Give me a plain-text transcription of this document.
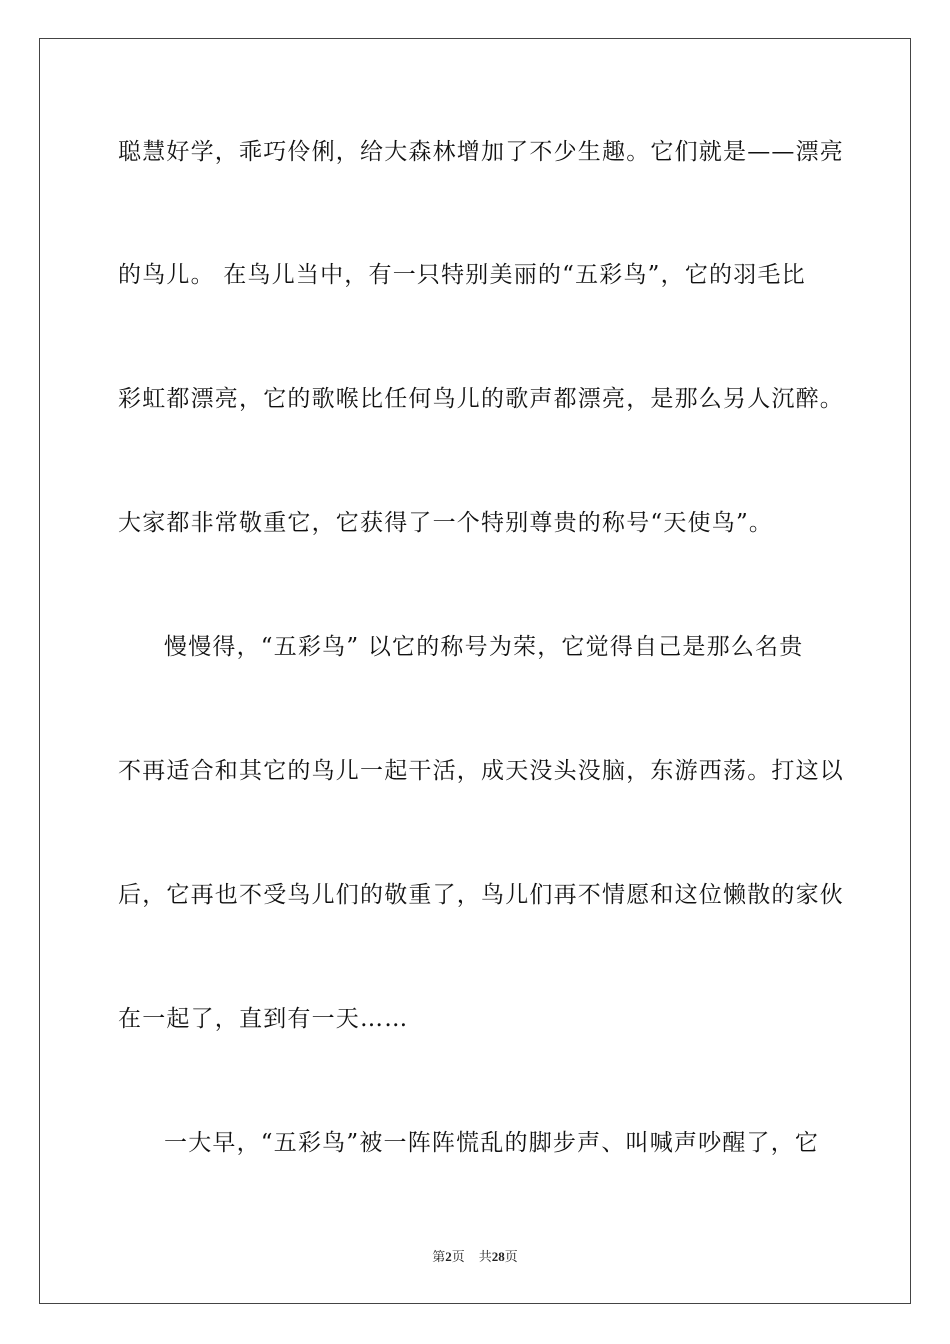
聪慧好学，乖巧伶俐，给大森林增加了不少生趣。它们就是——漂亮
的鸟儿。 在鸟儿当中，有一只特别美丽的“五彩鸟”，它的羽毛比
彩虹都漂亮，它的歌喉比任何鸟儿的歌声都漂亮，是那么另人沉醉。
大家都非常敬重它，它获得了一个特别尊贵的称号“天使鸟”。
慢慢得，“五彩鸟” 以它的称号为荣，它觉得自己是那么名贵
不再适合和其它的鸟儿一起干活，成天没头没脑，东游西荡。打这以
后，它再也不受鸟儿们的敬重了，鸟儿们再不情愿和这位懒散的家伙
在一起了，直到有一天……
一大早，“五彩鸟”被一阵阵慌乱的脚步声、叫喊声吵醒了，它
第2页 共28页
